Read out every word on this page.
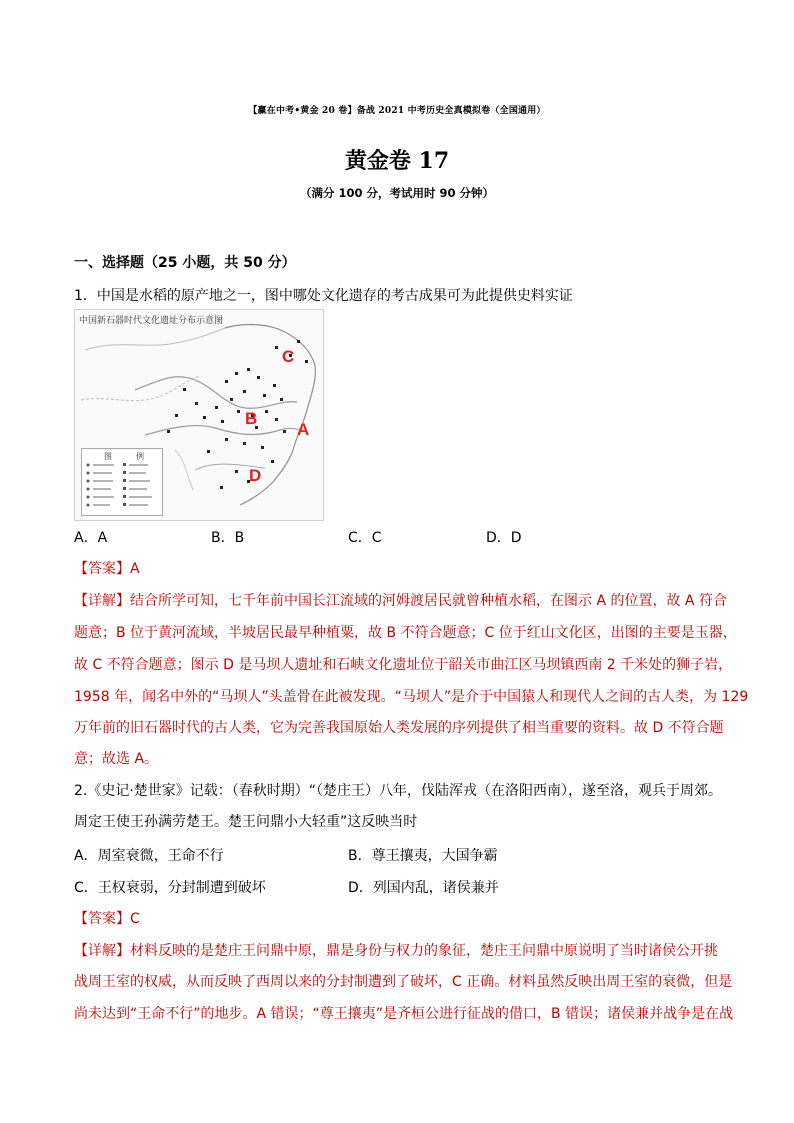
【赢在中考•黄金 20 卷】备战 2021 中考历史全真模拟卷（全国通用）
黄金卷 17
（满分 100 分，考试用时 90 分钟）
一、选择题（25 小题，共 50 分）
1．中国是水稻的原产地之一，图中哪处文化遗存的考古成果可为此提供史料实证
中国新石器时代文化遗址分布示意图
C
B
A
D
图	例
A．A	B．B	C．C	D．D
【答案】A
【详解】结合所学可知，七千年前中国长江流域的河姆渡居民就曾种植水稻，在图示 A 的位置，故 A 符合
题意；B 位于黄河流域，半坡居民最早种植粟，故 B 不符合题意；C 位于红山文化区，出图的主要是玉器，
故 C 不符合题意；图示 D 是马坝人遗址和石峡文化遗址位于韶关市曲江区马坝镇西南 2 千米处的狮子岩，
1958 年，闻名中外的“马坝人”头盖骨在此被发现。“马坝人”是介于中国猿人和现代人之间的古人类，为 129
万年前的旧石器时代的古人类，它为完善我国原始人类发展的序列提供了相当重要的资料。故 D 不符合题
意；故选 A。
2.《史记·楚世家》记载：（春秋时期）“（楚庄王）八年，伐陆浑戎（在洛阳西南），遂至洛，观兵于周郊。
周定王使王孙满劳楚王。楚王问鼎小大轻重”这反映当时
A．周室衰微，王命不行	B．尊王攘夷，大国争霸
C．王权衰弱，分封制遭到破坏	D．列国内乱，诸侯兼并
【答案】C
【详解】材料反映的是楚庄王问鼎中原，鼎是身份与权力的象征，楚庄王问鼎中原说明了当时诸侯公开挑
战周王室的权威，从而反映了西周以来的分封制遭到了破坏，C 正确。材料虽然反映出周王室的衰微，但是
尚未达到“王命不行”的地步。A 错误；“尊王攘夷”是齐桓公进行征战的借口，B 错误；诸侯兼并战争是在战
